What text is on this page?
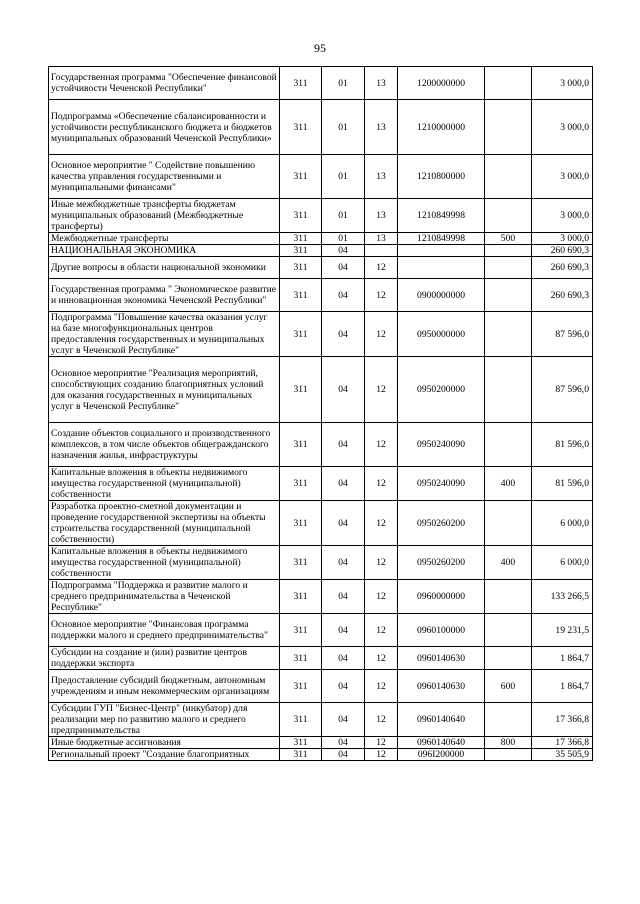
95
Государственная программа "Обеспечение финансовой устойчивости Чеченской Республики"	311	01	13	1200000000		3 000,0
Подпрограмма «Обеспечение сбалансированности и устойчивости республиканского бюджета и бюджетов муниципальных образований Чеченской Республики»	311	01	13	1210000000		3 000,0
Основное мероприятие " Содействие повышению качества управления государственными и муниципальными финансами"	311	01	13	1210800000		3 000,0
Иные межбюджетные трансферты бюджетам муниципальных образований (Межбюджетные трансферты)	311	01	13	1210849998		3 000,0
Межбюджетные трансферты	311	01	13	1210849998	500	3 000,0
НАЦИОНАЛЬНАЯ ЭКОНОМИКА	311	04				260 690,3
Другие вопросы в области национальной экономики	311	04	12			260 690,3
Государственная программа " Экономическое развитие и инновационная экономика Чеченской Республики"	311	04	12	0900000000		260 690,3
Подпрограмма "Повышение качества оказания услуг на базе многофункциональных центров предоставления государственных и муниципальных услуг в Чеченской Республике"	311	04	12	0950000000		87 596,0
Основное мероприятие "Реализация мероприятий, способствующих созданию благоприятных условий для оказания государственных и муниципальных услуг в Чеченской Республике"	311	04	12	0950200000		87 596,0
Создание объектов социального и производственного комплексов, в том числе объектов общегражданского назначения жилья, инфраструктуры	311	04	12	0950240090		81 596,0
Капитальные вложения в объекты недвижимого имущества государственной (муниципальной) собственности	311	04	12	0950240090	400	81 596,0
Разработка проектно-сметной документации и проведение государственной экспертизы на объекты строительства государственной (муниципальной собственности)	311	04	12	0950260200		6 000,0
Капитальные вложения в объекты недвижимого имущества государственной (муниципальной) собственности	311	04	12	0950260200	400	6 000,0
Подпрограмма "Поддержка и развитие малого и среднего предпринимательства в Чеченской Республике"	311	04	12	0960000000		133 266,5
Основное мероприятие "Финансовая программа поддержки малого и среднего предпринимательства"	311	04	12	0960100000		19 231,5
Субсидии на создание и (или) развитие центров поддержки экспорта	311	04	12	0960140630		1 864,7
Предоставление субсидий бюджетным, автономным учреждениям и иным некоммерческим организациям	311	04	12	0960140630	600	1 864,7
Субсидии ГУП "Бизнес-Центр" (инкубатор) для реализации мер по развитию малого и среднего предпринимательства	311	04	12	0960140640		17 366,8
Иные бюджетные ассигнования	311	04	12	0960140640	800	17 366,8
Региональный проект "Создание благоприятных	311	04	12	096I200000		35 505,9
